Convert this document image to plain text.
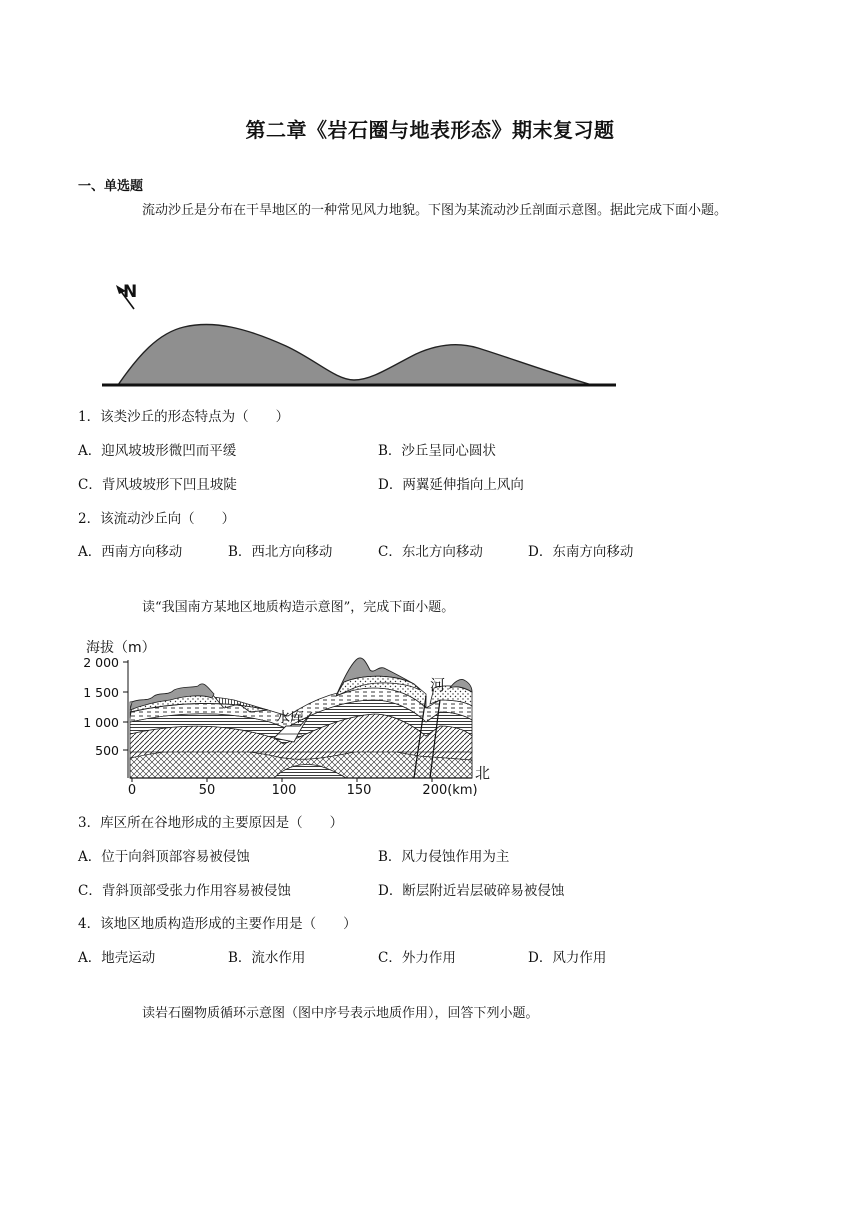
第二章《岩石圈与地表形态》期末复习题
一、单选题
流动沙丘是分布在干旱地区的一种常见风力地貌。下图为某流动沙丘剖面示意图。据此完成下面小题。
N
1．该类沙丘的形态特点为（　　）
A．迎风坡坡形微凹而平缓	B．沙丘呈同心圆状
C．背风坡坡形下凹且坡陡	D．两翼延伸指向上风向
2．该流动沙丘向（　　）
A．西南方向移动	B．西北方向移动	C．东北方向移动	D．东南方向移动
读“我国南方某地区地质构造示意图”，完成下面小题。
海拔（m）
2 000
1 500
1 000
500
0	50	100	150	200(km)
水库
河
北
3．库区所在谷地形成的主要原因是（　　）
A．位于向斜顶部容易被侵蚀	B．风力侵蚀作用为主
C．背斜顶部受张力作用容易被侵蚀	D．断层附近岩层破碎易被侵蚀
4．该地区地质构造形成的主要作用是（　　）
A．地壳运动	B．流水作用	C．外力作用	D．风力作用
读岩石圈物质循环示意图（图中序号表示地质作用），回答下列小题。
